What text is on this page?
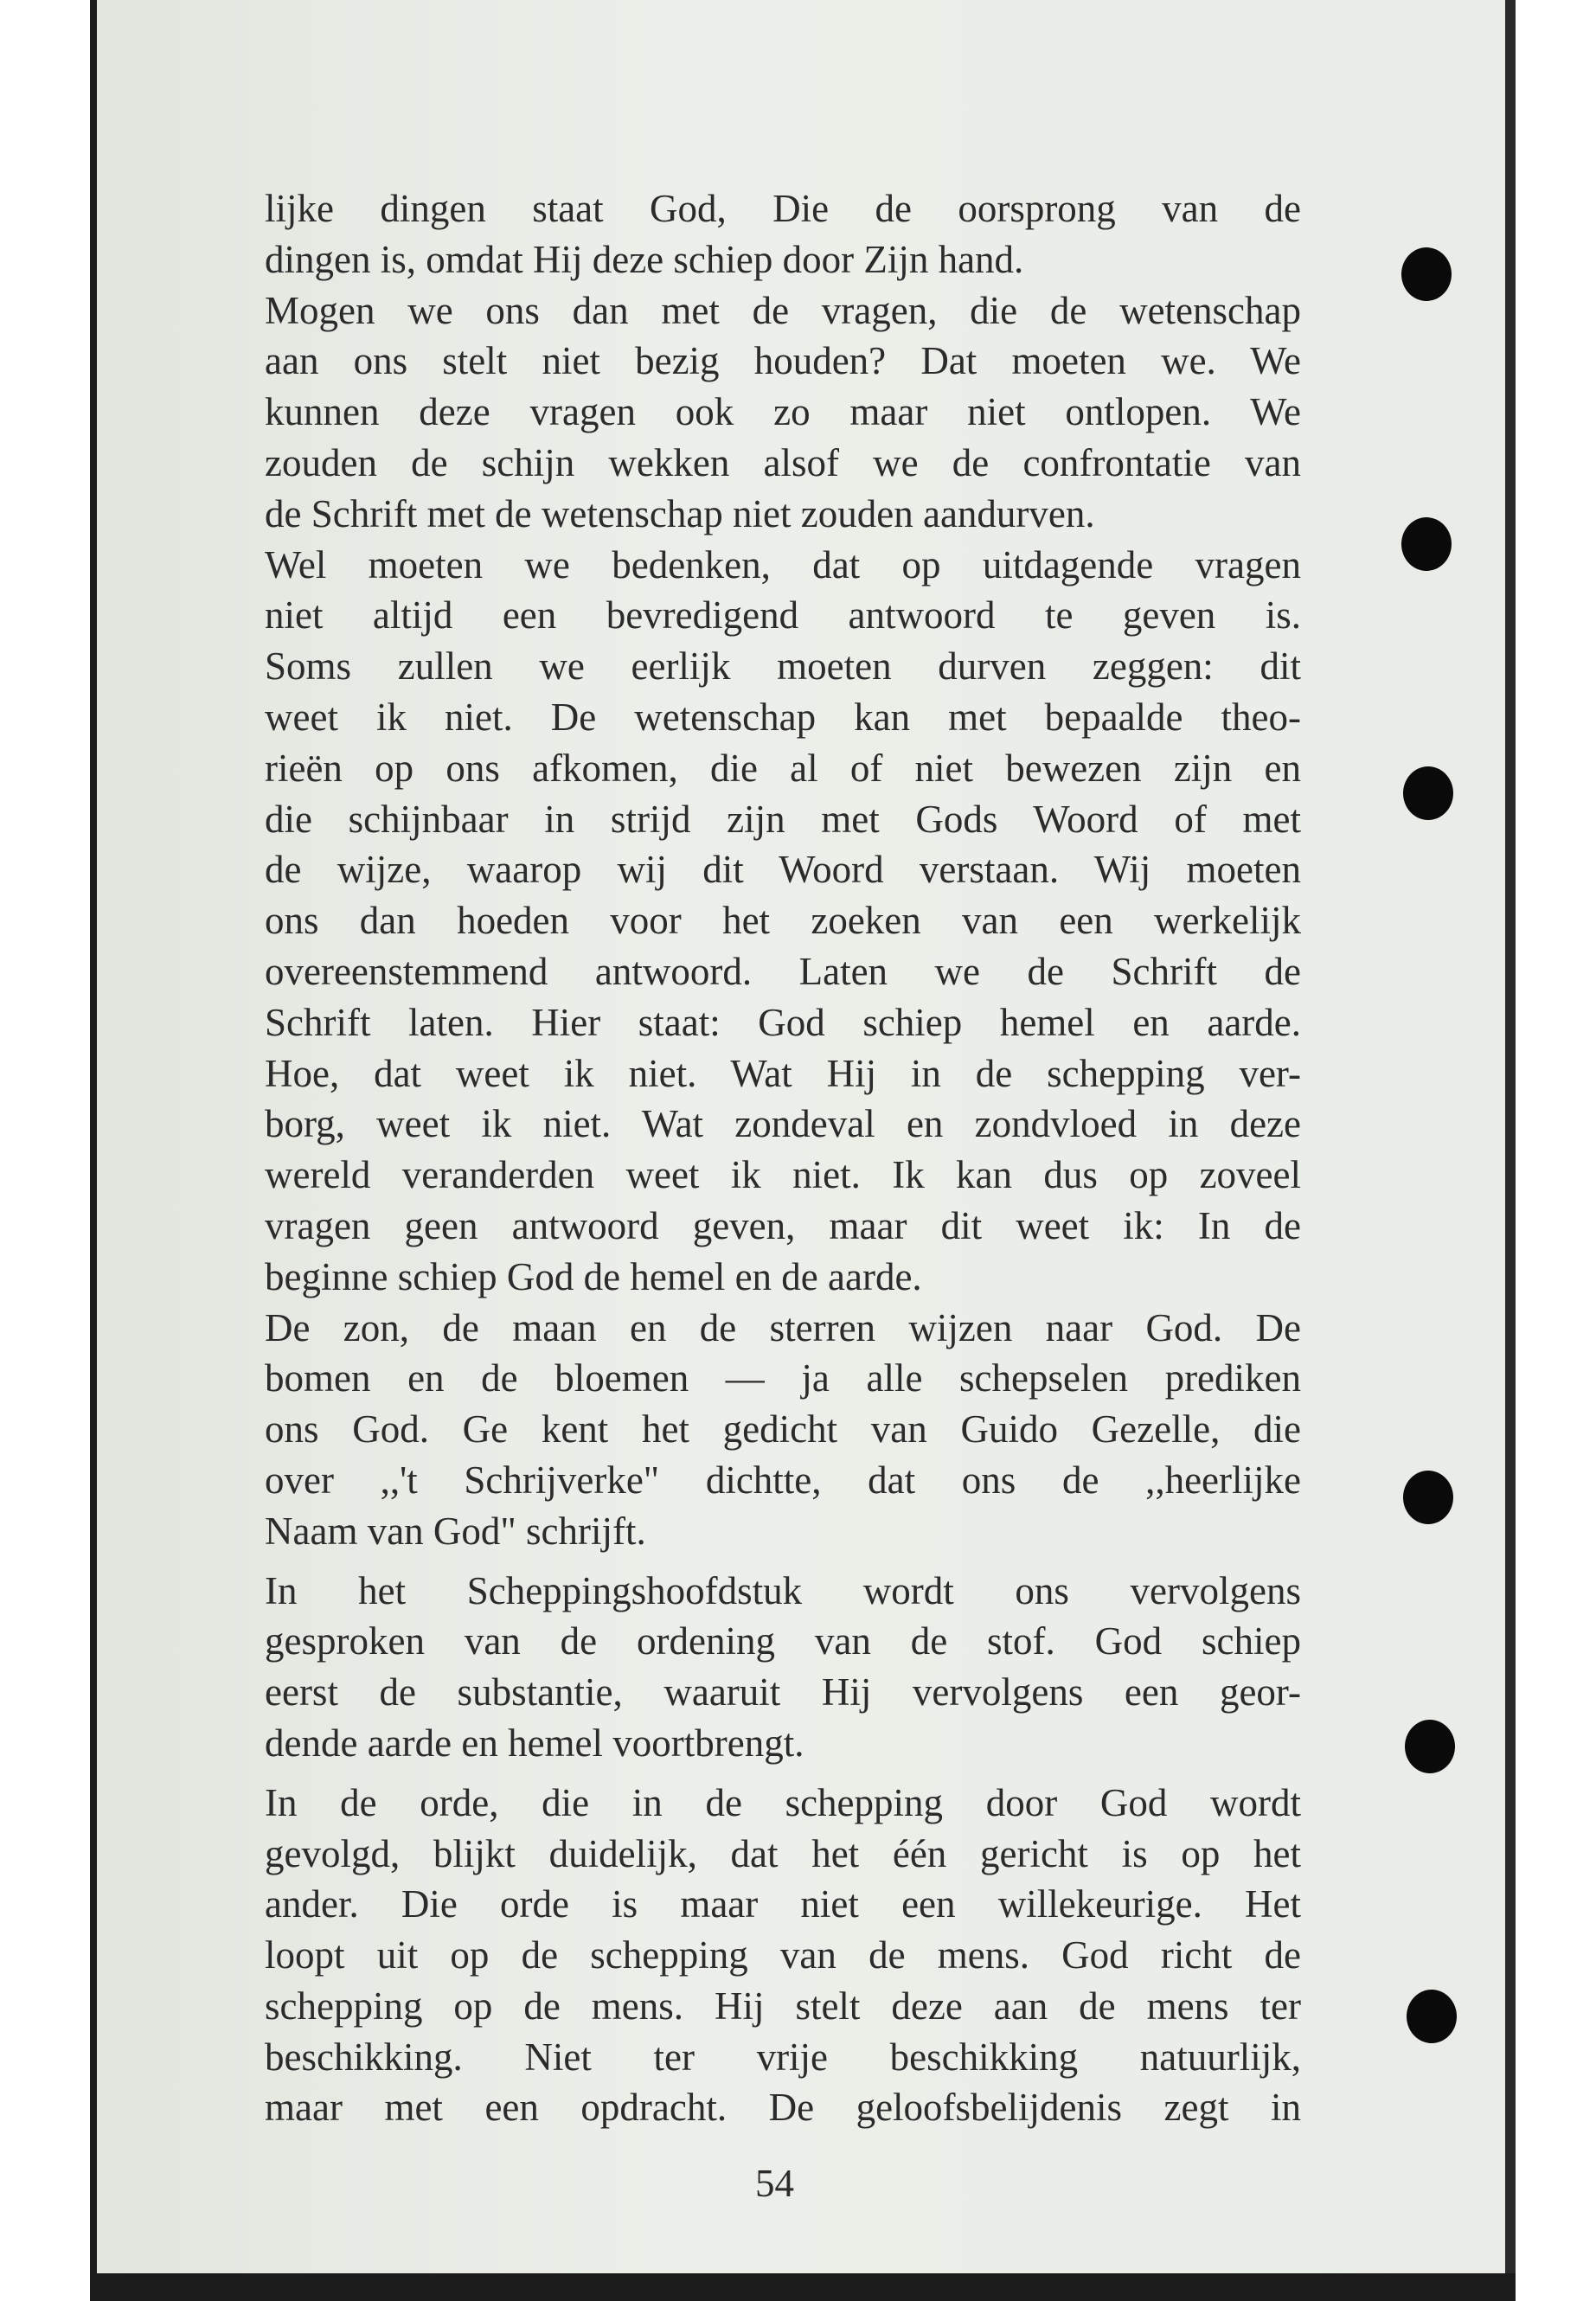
lijke dingen staat God, Die de oorsprong van de
dingen is, omdat Hij deze schiep door Zijn hand.

Mogen we ons dan met de vragen, die de wetenschap
aan ons stelt niet bezig houden? Dat moeten we. We
kunnen deze vragen ook zo maar niet ontlopen. We
zouden de schijn wekken alsof we de confrontatie van
de Schrift met de wetenschap niet zouden aandurven.

Wel moeten we bedenken, dat op uitdagende vragen
niet altijd een bevredigend antwoord te geven is.
Soms zullen we eerlijk moeten durven zeggen: dit
weet ik niet. De wetenschap kan met bepaalde theo-
rieën op ons afkomen, die al of niet bewezen zijn en
die schijnbaar in strijd zijn met Gods Woord of met
de wijze, waarop wij dit Woord verstaan. Wij moeten
ons dan hoeden voor het zoeken van een werkelijk
overeenstemmend antwoord. Laten we de Schrift de
Schrift laten. Hier staat: God schiep hemel en aarde.
Hoe, dat weet ik niet. Wat Hij in de schepping ver-
borg, weet ik niet. Wat zondeval en zondvloed in deze
wereld veranderden weet ik niet. Ik kan dus op zoveel
vragen geen antwoord geven, maar dit weet ik: In de
beginne schiep God de hemel en de aarde.

De zon, de maan en de sterren wijzen naar God. De
bomen en de bloemen — ja alle schepselen prediken
ons God. Ge kent het gedicht van Guido Gezelle, die
over ,,'t Schrijverke" dichtte, dat ons de ,,heerlijke
Naam van God" schrijft.

In het Scheppingshoofdstuk wordt ons vervolgens
gesproken van de ordening van de stof. God schiep
eerst de substantie, waaruit Hij vervolgens een geor-
dende aarde en hemel voortbrengt.

In de orde, die in de schepping door God wordt
gevolgd, blijkt duidelijk, dat het één gericht is op het
ander. Die orde is maar niet een willekeurige. Het
loopt uit op de schepping van de mens. God richt de
schepping op de mens. Hij stelt deze aan de mens ter
beschikking. Niet ter vrije beschikking natuurlijk,
maar met een opdracht. De geloofsbelijdenis zegt in

54
